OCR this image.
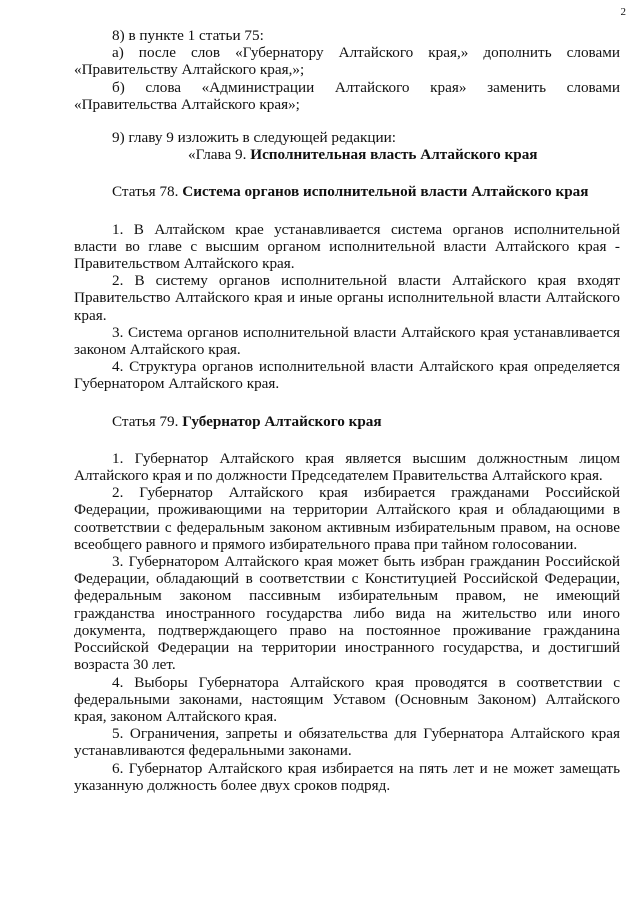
2

8) в пункте 1 статьи 75:

а) после слов «Губернатору Алтайского края,» дополнить словами «Правительству Алтайского края,»;

б) слова «Администрации Алтайского края» заменить словами «Правительства Алтайского края»;

9) главу 9 изложить в следующей редакции:

«Глава 9. Исполнительная власть Алтайского края

Статья 78. Система органов исполнительной власти Алтайского края

1. В Алтайском крае устанавливается система органов исполнительной власти во главе с высшим органом исполнительной власти Алтайского края - Правительством Алтайского края.

2. В систему органов исполнительной власти Алтайского края входят Правительство Алтайского края и иные органы исполнительной власти Алтайского края.

3. Система органов исполнительной власти Алтайского края устанавливается законом Алтайского края.

4. Структура органов исполнительной власти Алтайского края определяется Губернатором Алтайского края.

Статья 79. Губернатор Алтайского края

1. Губернатор Алтайского края является высшим должностным лицом Алтайского края и по должности Председателем Правительства Алтайского края.

2. Губернатор Алтайского края избирается гражданами Российской Федерации, проживающими на территории Алтайского края и обладающими в соответствии с федеральным законом активным избирательным правом, на основе всеобщего равного и прямого избирательного права при тайном голосовании.

3. Губернатором Алтайского края может быть избран гражданин Российской Федерации, обладающий в соответствии с Конституцией Российской Федерации, федеральным законом пассивным избирательным правом, не имеющий гражданства иностранного государства либо вида на жительство или иного документа, подтверждающего право на постоянное проживание гражданина Российской Федерации на территории иностранного государства, и достигший возраста 30 лет.

4. Выборы Губернатора Алтайского края проводятся в соответствии с федеральными законами, настоящим Уставом (Основным Законом) Алтайского края, законом Алтайского края.

5. Ограничения, запреты и обязательства для Губернатора Алтайского края устанавливаются федеральными законами.

6. Губернатор Алтайского края избирается на пять лет и не может замещать указанную должность более двух сроков подряд.
